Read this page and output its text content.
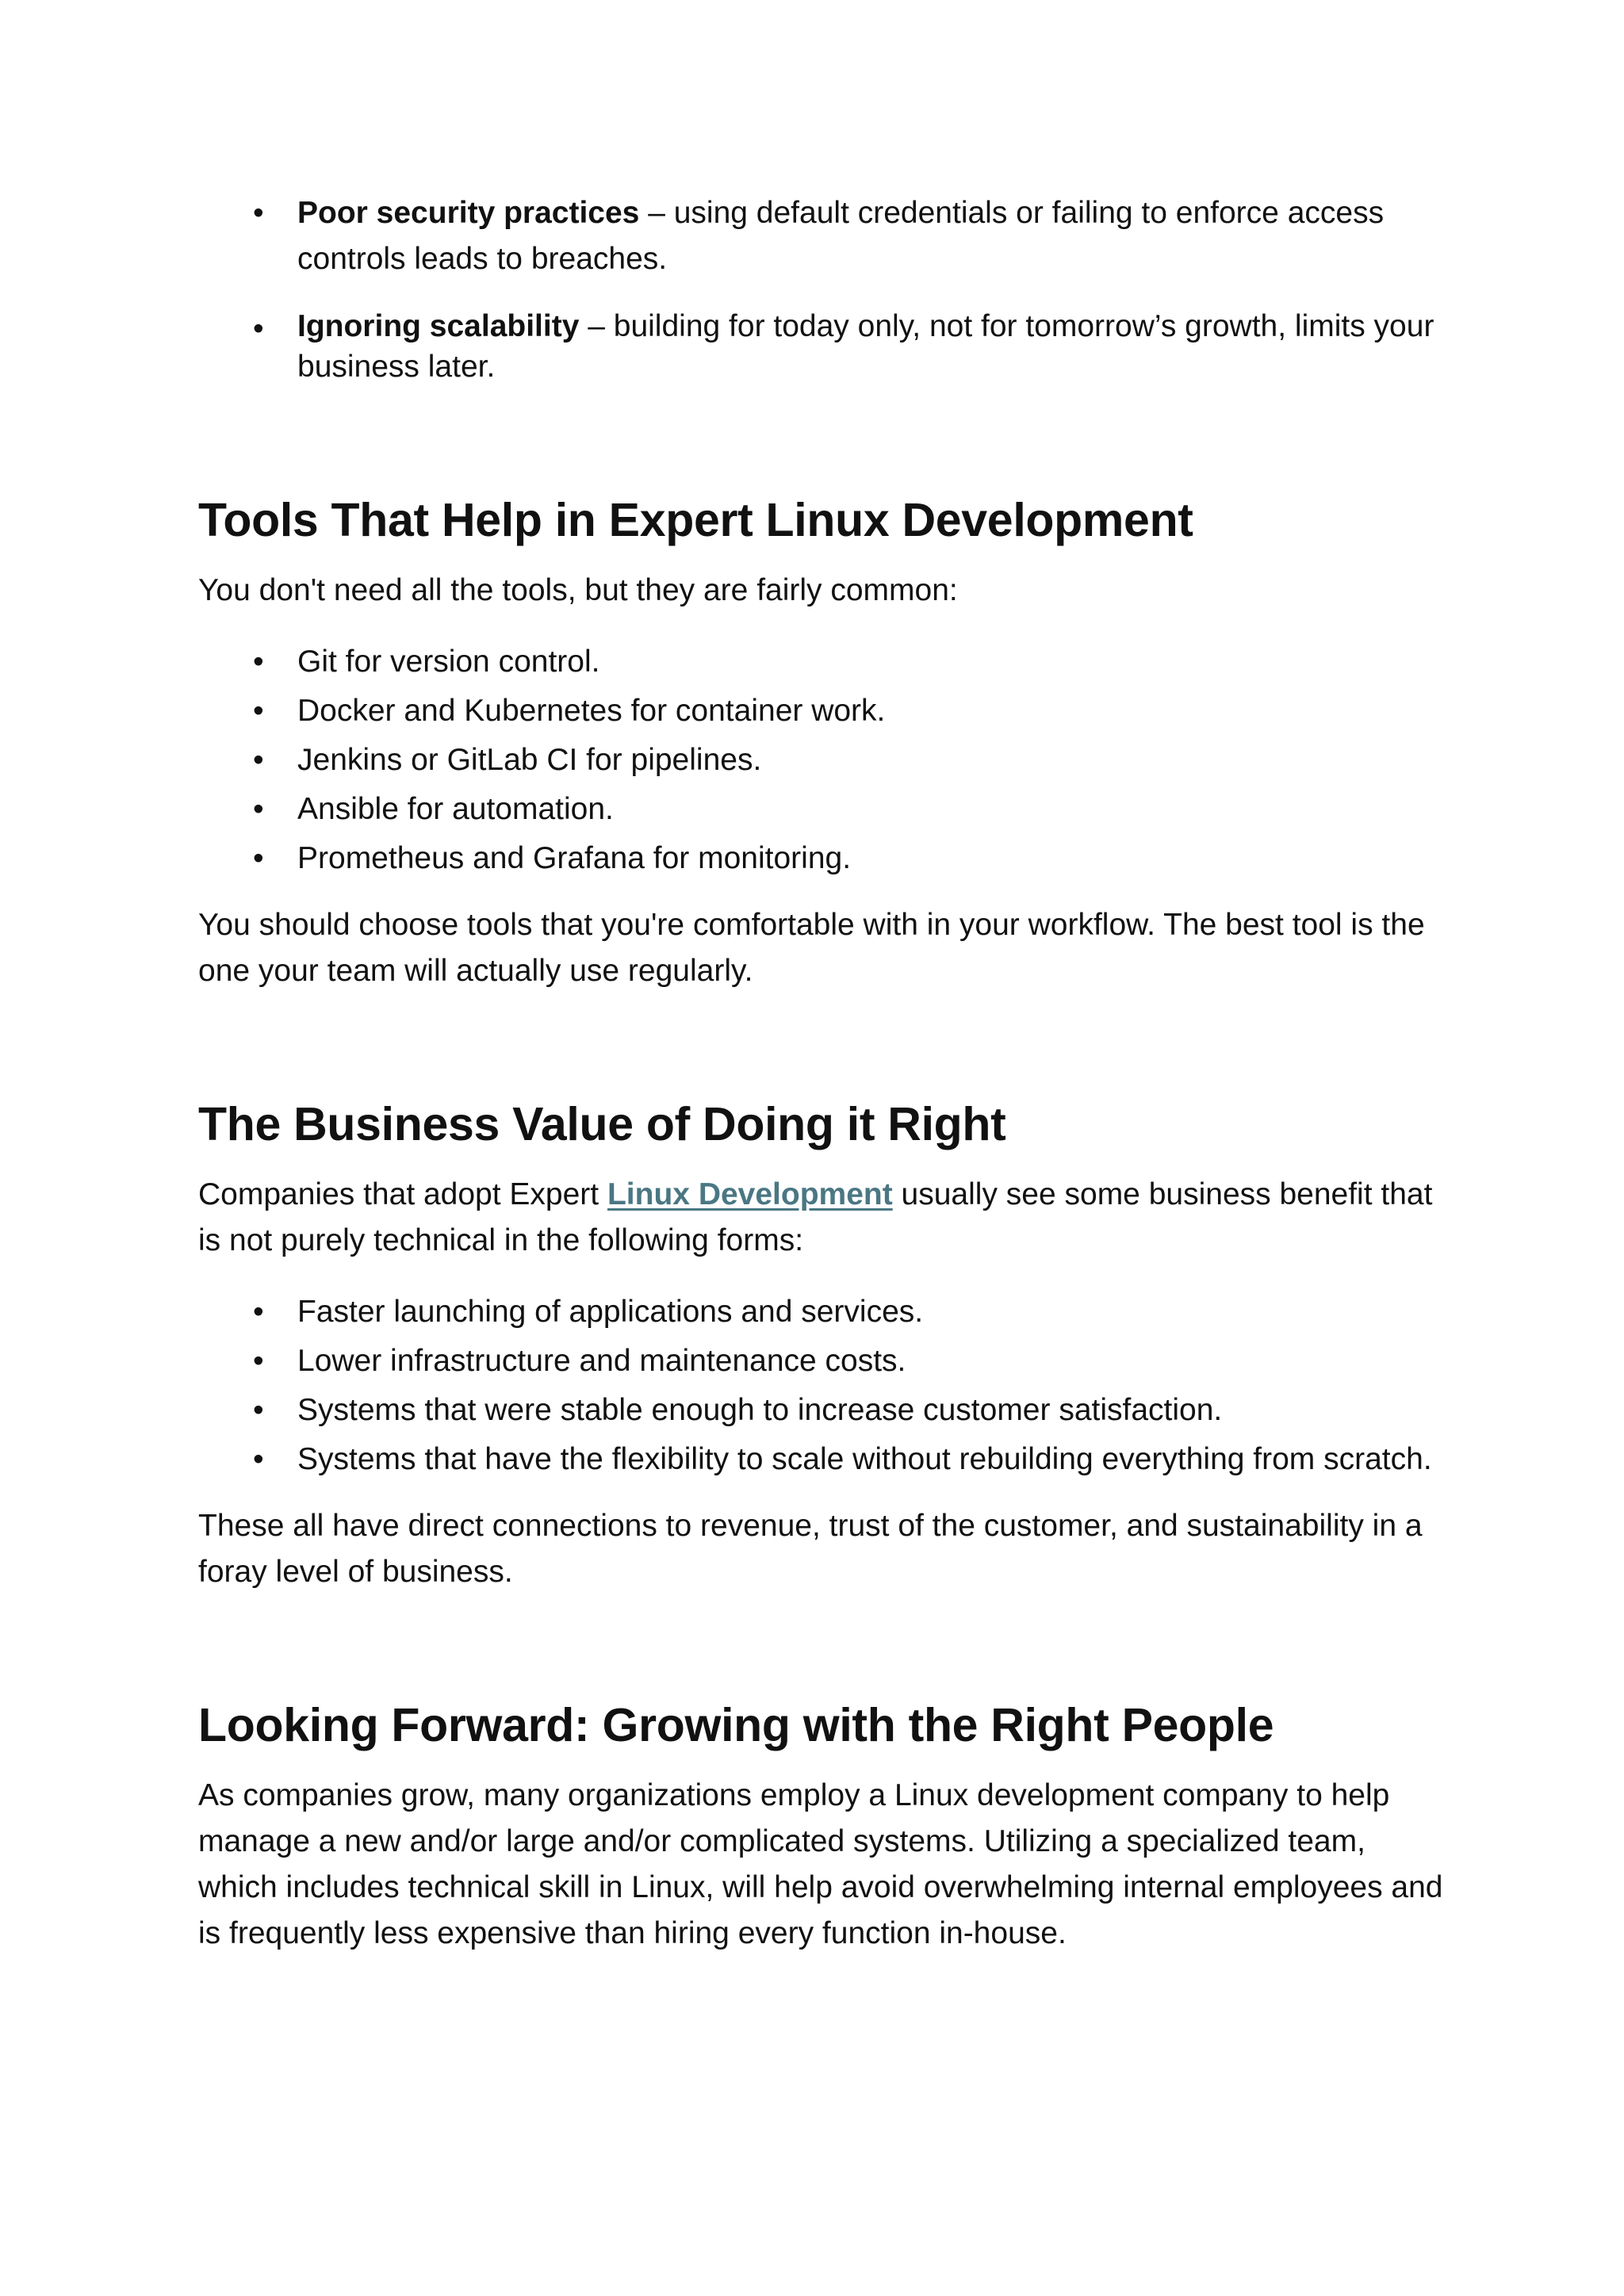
• Poor security practices – using default credentials or failing to enforce access controls leads to breaches.
• Ignoring scalability – building for today only, not for tomorrow’s growth, limits your business later.
Tools That Help in Expert Linux Development

You don't need all the tools, but they are fairly common:

• Git for version control.
• Docker and Kubernetes for container work.
• Jenkins or GitLab CI for pipelines.
• Ansible for automation.
• Prometheus and Grafana for monitoring.

You should choose tools that you're comfortable with in your workflow. The best tool is the one your team will actually use regularly.

The Business Value of Doing it Right

Companies that adopt Expert Linux Development usually see some business benefit that is not purely technical in the following forms:

• Faster launching of applications and services.
• Lower infrastructure and maintenance costs.
• Systems that were stable enough to increase customer satisfaction.
• Systems that have the flexibility to scale without rebuilding everything from scratch.

These all have direct connections to revenue, trust of the customer, and sustainability in a foray level of business.

Looking Forward: Growing with the Right People

As companies grow, many organizations employ a Linux development company to help manage a new and/or large and/or complicated systems. Utilizing a specialized team, which includes technical skill in Linux, will help avoid overwhelming internal employees and is frequently less expensive than hiring every function in-house.
